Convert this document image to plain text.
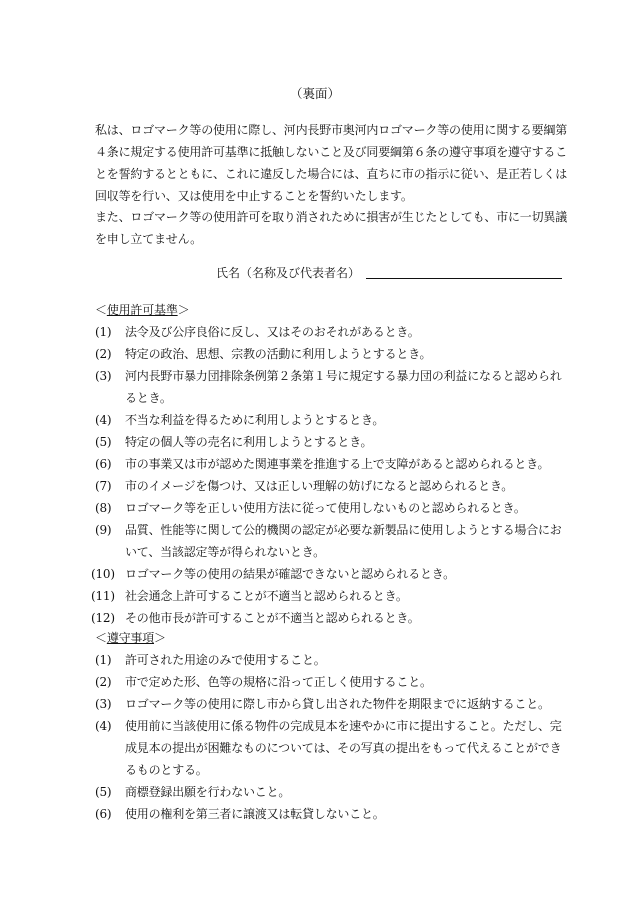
（裏面）
私は、ロゴマーク等の使用に際し、河内長野市奥河内ロゴマーク等の使用に関する要綱第４条に規定する使用許可基準に抵触しないこと及び同要綱第６条の遵守事項を遵守することを誓約するとともに、これに違反した場合には、直ちに市の指示に従い、是正若しくは回収等を行い、又は使用を中止することを誓約いたします。
また、ロゴマーク等の使用許可を取り消されために損害が生じたとしても、市に一切異議を申し立てません。
氏名（名称及び代表者名）
＜使用許可基準＞
(1)	法令及び公序良俗に反し、又はそのおそれがあるとき。
(2)	特定の政治、思想、宗教の活動に利用しようとするとき。
(3)	河内長野市暴力団排除条例第２条第１号に規定する暴力団の利益になると認められるとき。
(4)	不当な利益を得るために利用しようとするとき。
(5)	特定の個人等の売名に利用しようとするとき。
(6)	市の事業又は市が認めた関連事業を推進する上で支障があると認められるとき。
(7)	市のイメージを傷つけ、又は正しい理解の妨げになると認められるとき。
(8)	ロゴマーク等を正しい使用方法に従って使用しないものと認められるとき。
(9)	品質、性能等に関して公的機関の認定が必要な新製品に使用しようとする場合において、当該認定等が得られないとき。
(10) ロゴマーク等の使用の結果が確認できないと認められるとき。
(11) 社会通念上許可することが不適当と認められるとき。
(12) その他市長が許可することが不適当と認められるとき。
＜遵守事項＞
(1)	許可された用途のみで使用すること。
(2)	市で定めた形、色等の規格に沿って正しく使用すること。
(3)	ロゴマーク等の使用に際し市から貸し出された物件を期限までに返納すること。
(4)	使用前に当該使用に係る物件の完成見本を速やかに市に提出すること。ただし、完成見本の提出が困難なものについては、その写真の提出をもって代えることができるものとする。
(5)	商標登録出願を行わないこと。
(6)	使用の権利を第三者に譲渡又は転貸しないこと。
